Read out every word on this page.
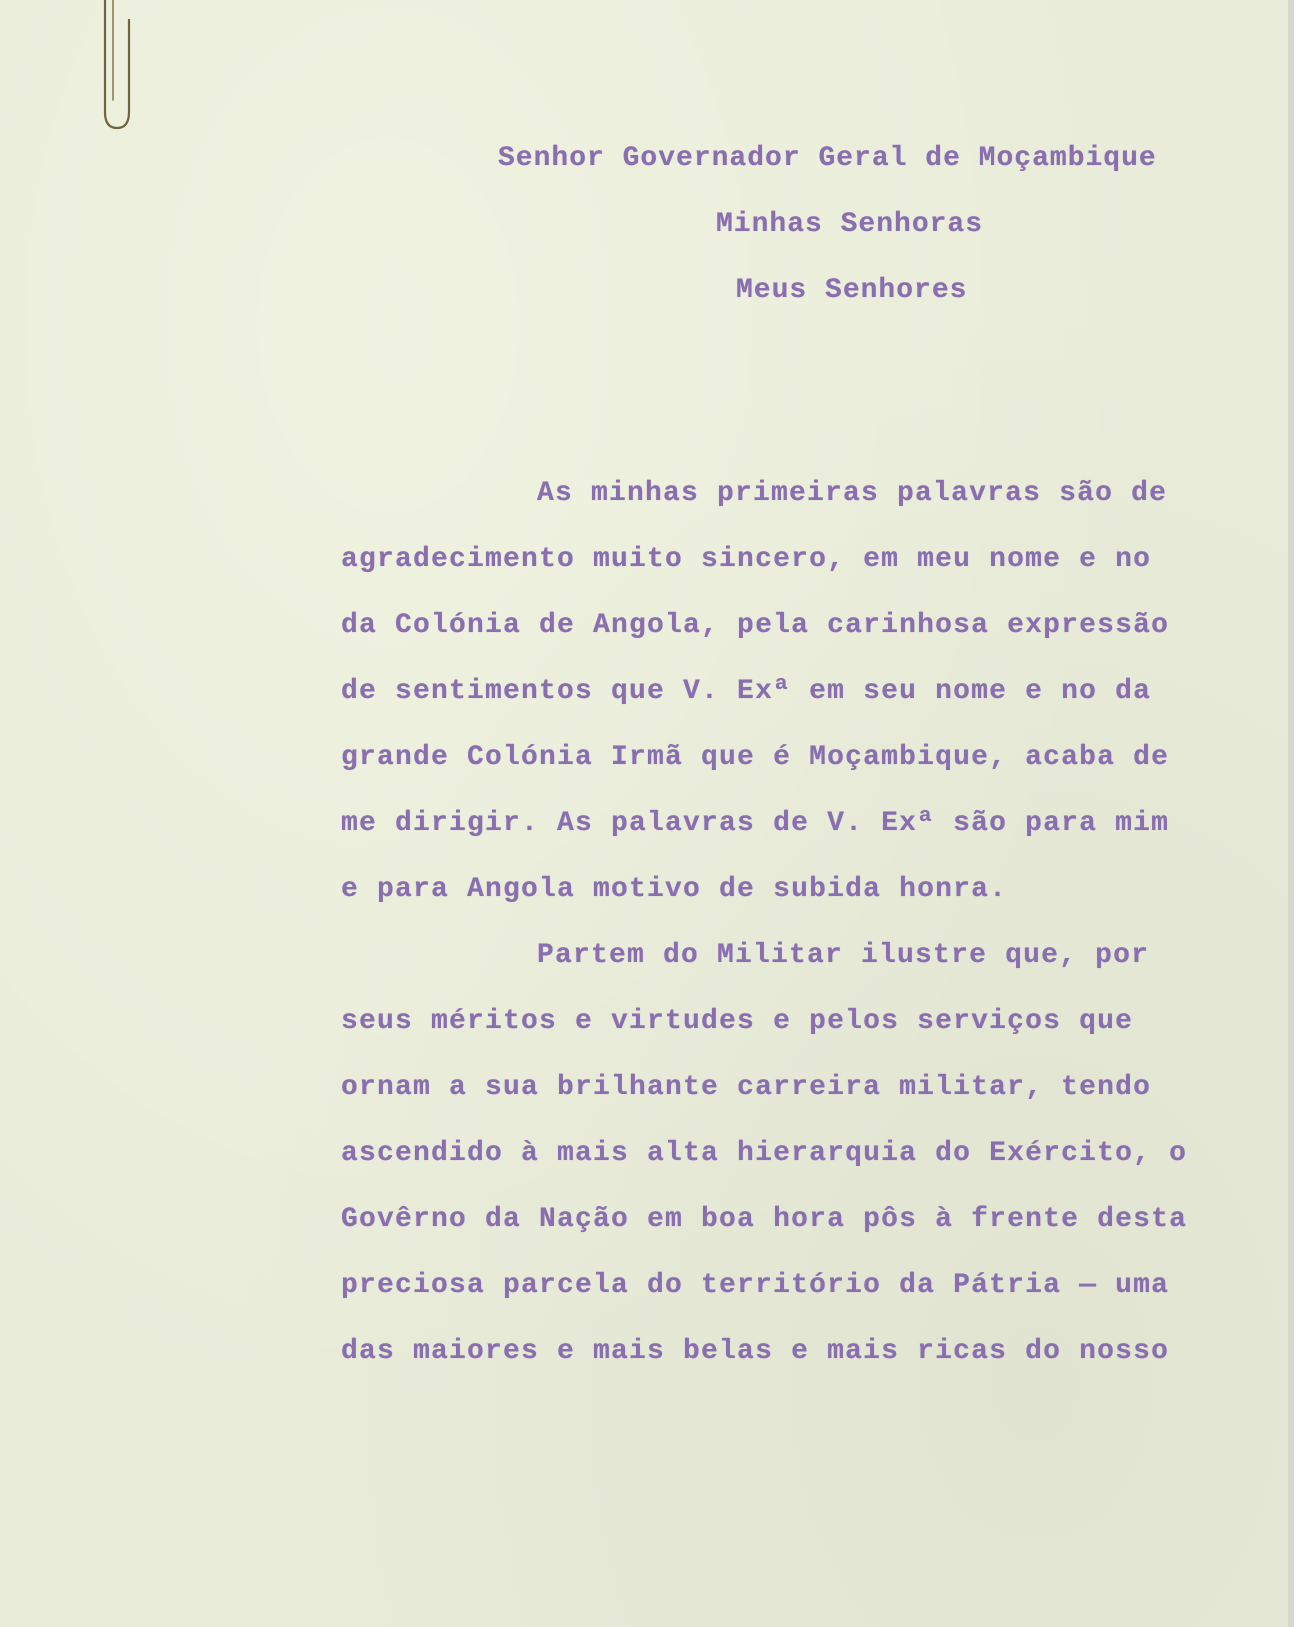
Senhor Governador Geral de Moçambique
Minhas Senhoras
Meus Senhores
As minhas primeiras palavras são de
agradecimento muito sincero, em meu nome e no
da Colónia de Angola, pela carinhosa expressão
de sentimentos que V. Exª em seu nome e no da
grande Colónia Irmã que é Moçambique, acaba de
me dirigir. As palavras de V. Exª são para mim
e para Angola motivo de subida honra.
Partem do Militar ilustre que, por
seus méritos e virtudes e pelos serviços que
ornam a sua brilhante carreira militar, tendo
ascendido à mais alta hierarquia do Exército, o
Govêrno da Nação em boa hora pôs à frente desta
preciosa parcela do território da Pátria — uma
das maiores e mais belas e mais ricas do nosso
